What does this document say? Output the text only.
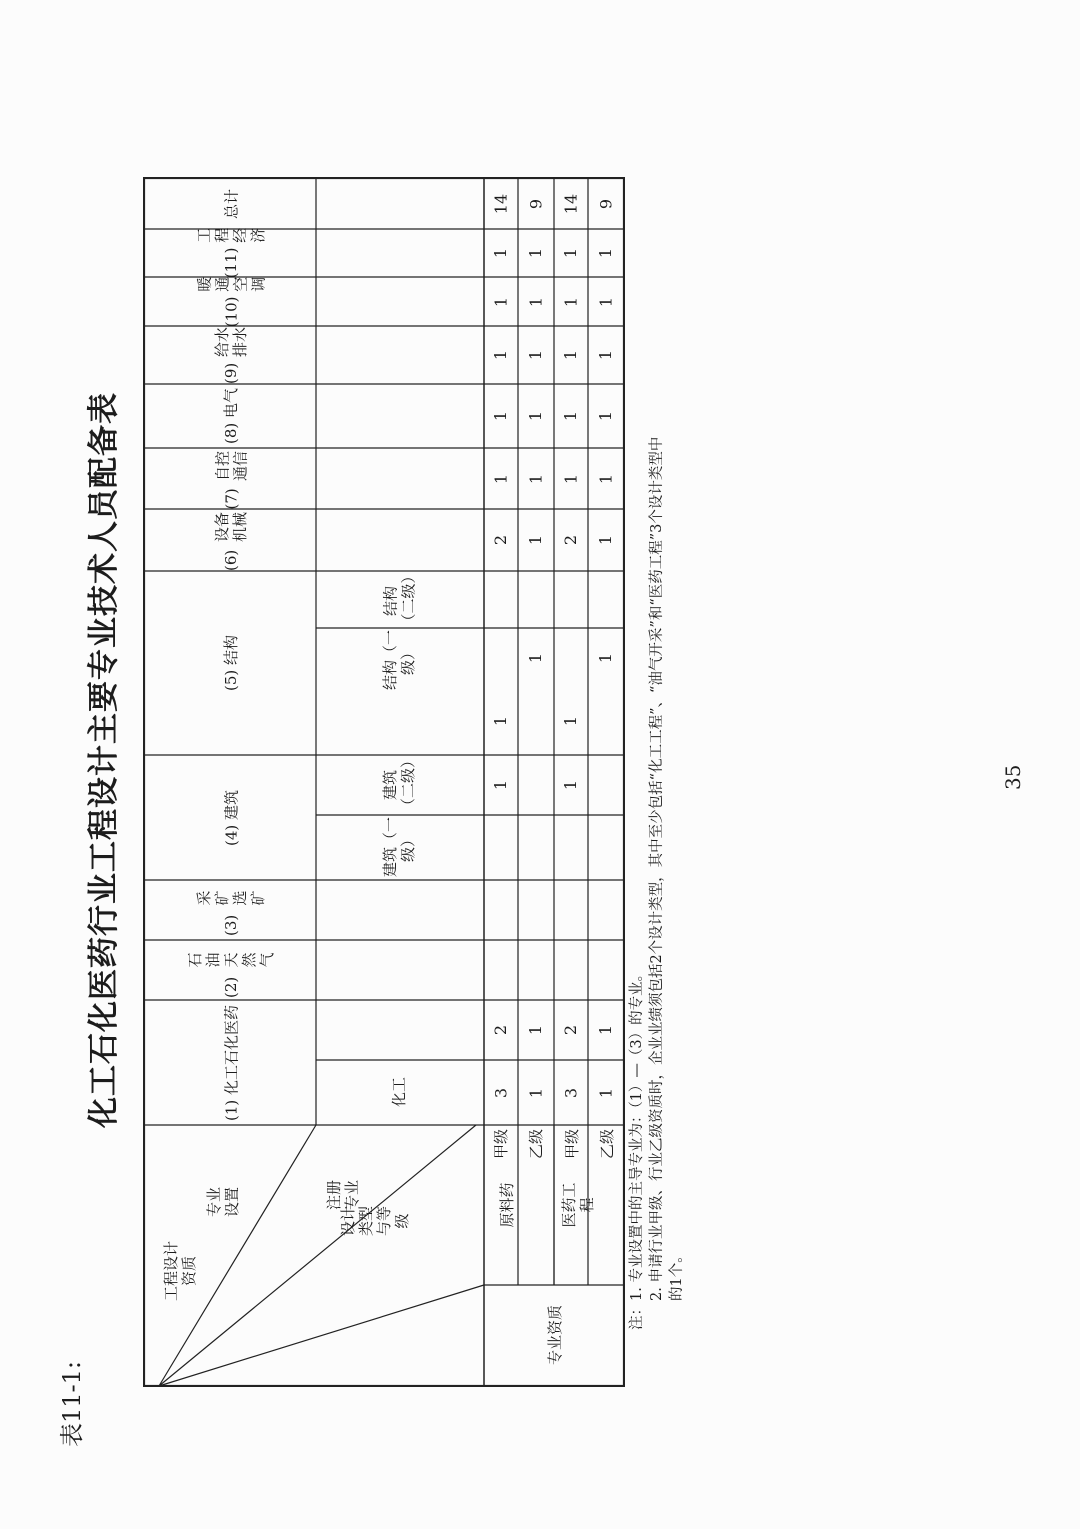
表11-1:
化工石化医药行业工程设计主要专业技术人员配备表	35
注：1. 专业设置中的主导专业为：（1）—（3）的专业。 　　2. 申请行业甲级、行业乙级资质时，企业业绩须包括2个设计类型，其中至少包括“化工工程”、“油气开采”和“医药工程”3个设计类型中 　　的1个。
工程设计资质
设计类型与等级
注册专业
专业设置
(1)

化工石化医药
(2)

石油天然气
(3)

采矿选矿
(4)

建筑
(5)

结构
(6)

设备机械
(7)

自控通信
(8)

电气
(9)

给水排水
(10)

暖通空调
(11)

工程经济
总计
化工
建筑（一级）
建筑（二级）
结构（一级）
结构（二级）
专业资质
原料药	医药工程
甲级 乙级 甲级 乙级
3
2
1
1
2
1
1
1
1
1
14
1
1
1
1
1
1
1
1
1
9
3
2
1
1
2
1
1
1
1
1
14
1
1
1
1
1
1
1
1
1
9
